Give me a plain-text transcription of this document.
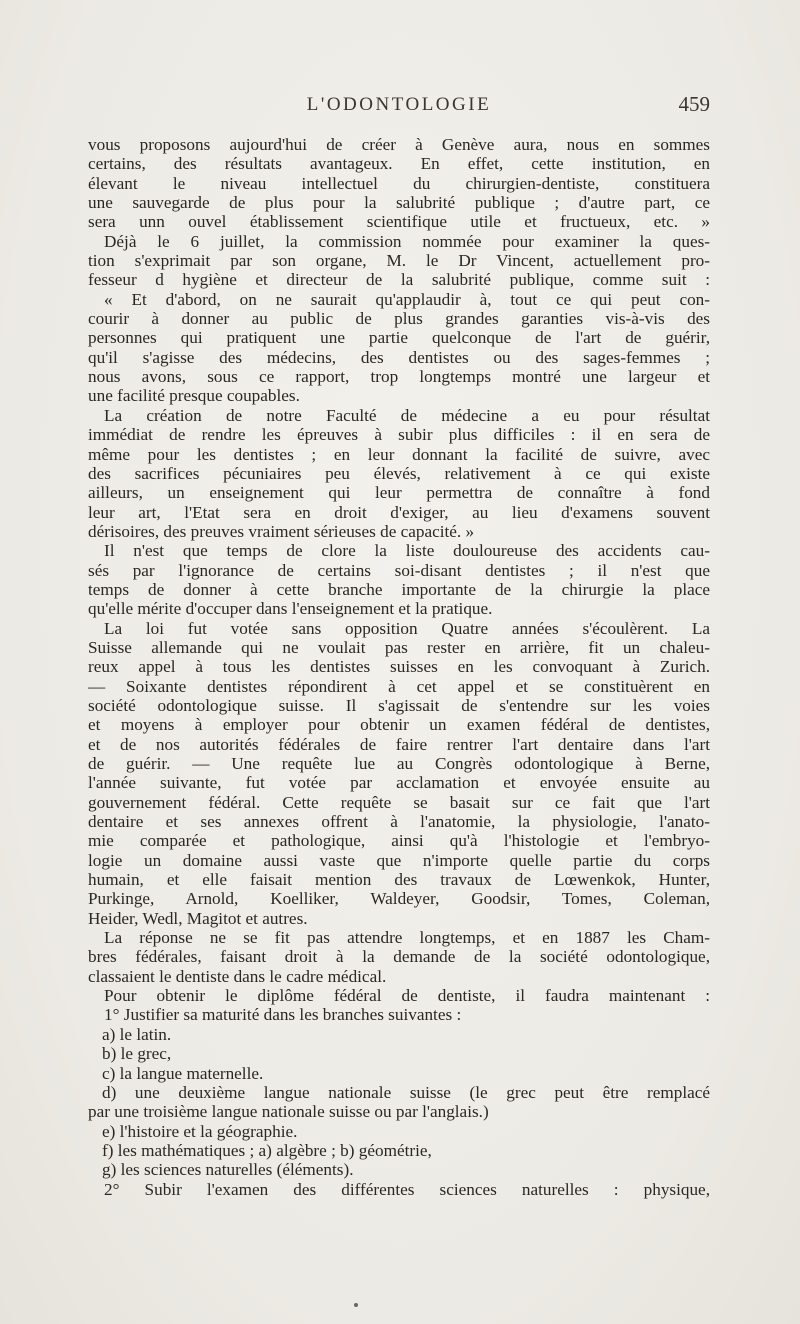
L'ODONTOLOGIE	459
vous proposons aujourd'hui de créer à Genève aura, nous en sommes
certains, des résultats avantageux. En effet, cette institution, en
élevant le niveau intellectuel du chirurgien-dentiste, constituera
une sauvegarde de plus pour la salubrité publique ; d'autre part, ce
sera unn ouvel établissement scientifique utile et fructueux, etc. »
Déjà le 6 juillet, la commission nommée pour examiner la ques-
tion s'exprimait par son organe, M. le Dr Vincent, actuellement pro-
fesseur d hygiène et directeur de la salubrité publique, comme suit :
« Et d'abord, on ne saurait qu'applaudir à, tout ce qui peut con-
courir à donner au public de plus grandes garanties vis-à-vis des
personnes qui pratiquent une partie quelconque de l'art de guérir,
qu'il s'agisse des médecins, des dentistes ou des sages-femmes ;
nous avons, sous ce rapport, trop longtemps montré une largeur et
une facilité presque coupables.
La création de notre Faculté de médecine a eu pour résultat
immédiat de rendre les épreuves à subir plus difficiles : il en sera de
même pour les dentistes ; en leur donnant la facilité de suivre, avec
des sacrifices pécuniaires peu élevés, relativement à ce qui existe
ailleurs, un enseignement qui leur permettra de connaître à fond
leur art, l'Etat sera en droit d'exiger, au lieu d'examens souvent
dérisoires, des preuves vraiment sérieuses de capacité. »
Il n'est que temps de clore la liste douloureuse des accidents cau-
sés par l'ignorance de certains soi-disant dentistes ; il n'est que
temps de donner à cette branche importante de la chirurgie la place
qu'elle mérite d'occuper dans l'enseignement et la pratique.
La loi fut votée sans opposition Quatre années s'écoulèrent. La
Suisse allemande qui ne voulait pas rester en arrière, fit un chaleu-
reux appel à tous les dentistes suisses en les convoquant à Zurich.
— Soixante dentistes répondirent à cet appel et se constituèrent en
société odontologique suisse. Il s'agissait de s'entendre sur les voies
et moyens à employer pour obtenir un examen fédéral de dentistes,
et de nos autorités fédérales de faire rentrer l'art dentaire dans l'art
de guérir. — Une requête lue au Congrès odontologique à Berne,
l'année suivante, fut votée par acclamation et envoyée ensuite au
gouvernement fédéral. Cette requête se basait sur ce fait que l'art
dentaire et ses annexes offrent à l'anatomie, la physiologie, l'anato-
mie comparée et pathologique, ainsi qu'à l'histologie et l'embryo-
logie un domaine aussi vaste que n'importe quelle partie du corps
humain, et elle faisait mention des travaux de Lœwenkok, Hunter,
Purkinge, Arnold, Koelliker, Waldeyer, Goodsir, Tomes, Coleman,
Heider, Wedl, Magitot et autres.
La réponse ne se fit pas attendre longtemps, et en 1887 les Cham-
bres fédérales, faisant droit à la demande de la société odontologique,
classaient le dentiste dans le cadre médical.
Pour obtenir le diplôme fédéral de dentiste, il faudra maintenant :
1° Justifier sa maturité dans les branches suivantes :
a) le latin.
b) le grec,
c) la langue maternelle.
d) une deuxième langue nationale suisse (le grec peut être remplacé
par une troisième langue nationale suisse ou par l'anglais.)
e) l'histoire et la géographie.
f) les mathématiques ; a) algèbre ; b) géométrie,
g) les sciences naturelles (éléments).
2° Subir l'examen des différentes sciences naturelles : physique,
